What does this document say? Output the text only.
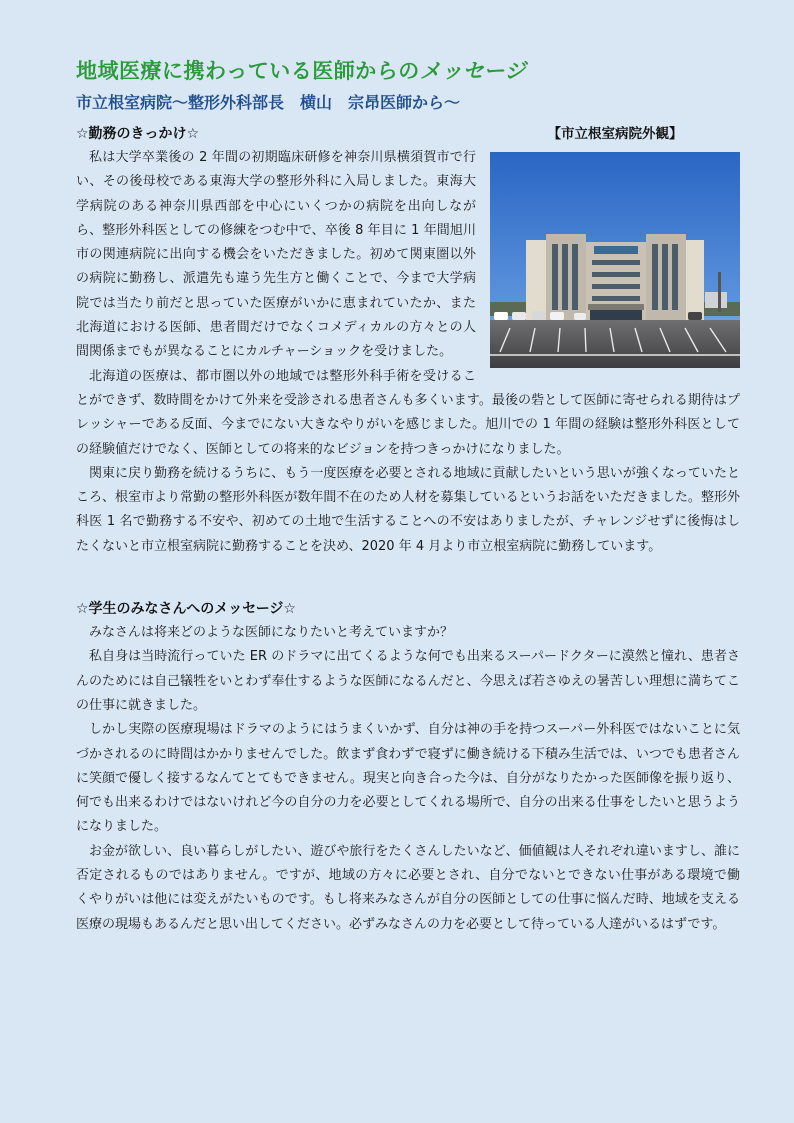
地域医療に携わっている医師からのメッセージ
市立根室病院～整形外科部長　横山　宗昂医師から～
☆勤務のきっかけ☆	【市立根室病院外観】

私は大学卒業後の 2 年間の初期臨床研修を神奈川県横須賀市で行い、その後母校である東海大学の整形外科に入局しました。東海大学病院のある神奈川県西部を中心にいくつかの病院を出向しながら、整形外科医としての修練をつむ中で、卒後 8 年目に 1 年間旭川市の関連病院に出向する機会をいただきました。初めて関東圏以外の病院に勤務し、派遣先も違う先生方と働くことで、今まで大学病院では当たり前だと思っていた医療がいかに恵まれていたか、また北海道における医師、患者間だけでなくコメディカルの方々との人間関係までもが異なることにカルチャーショックを受けました。

北海道の医療は、都市圏以外の地域では整形外科手術を受けることができず、数時間をかけて外来を受診される患者さんも多くいます。最後の砦として医師に寄せられる期待はプレッシャーである反面、今までにない大きなやりがいを感じました。旭川での 1 年間の経験は整形外科医としての経験値だけでなく、医師としての将来的なビジョンを持つきっかけになりました。

関東に戻り勤務を続けるうちに、もう一度医療を必要とされる地域に貢献したいという思いが強くなっていたところ、根室市より常勤の整形外科医が数年間不在のため人材を募集しているというお話をいただきました。整形外科医 1 名で勤務する不安や、初めての土地で生活することへの不安はありましたが、チャレンジせずに後悔はしたくないと市立根室病院に勤務することを決め、2020 年 4 月より市立根室病院に勤務しています。

☆学生のみなさんへのメッセージ☆

みなさんは将来どのような医師になりたいと考えていますか？

私自身は当時流行っていた ER のドラマに出てくるような何でも出来るスーパードクターに漠然と憧れ、患者さんのためには自己犠牲をいとわず奉仕するような医師になるんだと、今思えば若さゆえの暑苦しい理想に満ちてこの仕事に就きました。

しかし実際の医療現場はドラマのようにはうまくいかず、自分は神の手を持つスーパー外科医ではないことに気づかされるのに時間はかかりませんでした。飲まず食わずで寝ずに働き続ける下積み生活では、いつでも患者さんに笑顔で優しく接するなんてとてもできません。現実と向き合った今は、自分がなりたかった医師像を振り返り、何でも出来るわけではないけれど今の自分の力を必要としてくれる場所で、自分の出来る仕事をしたいと思うようになりました。

お金が欲しい、良い暮らしがしたい、遊びや旅行をたくさんしたいなど、価値観は人それぞれ違いますし、誰に否定されるものではありません。ですが、地域の方々に必要とされ、自分でないとできない仕事がある環境で働くやりがいは他には変えがたいものです。もし将来みなさんが自分の医師としての仕事に悩んだ時、地域を支える医療の現場もあるんだと思い出してください。必ずみなさんの力を必要として待っている人達がいるはずです。
